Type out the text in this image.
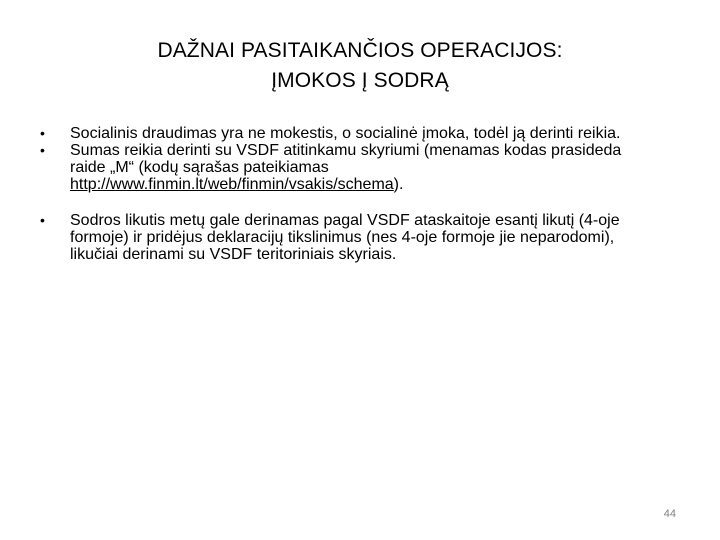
DAŽNAI PASITAIKANČIOS OPERACIJOS:
ĮMOKOS Į SODRĄ
• Socialinis draudimas yra ne mokestis, o socialinė įmoka, todėl ją derinti reikia.
• Sumas reikia derinti su VSDF atitinkamu skyriumi (menamas kodas prasideda raide „M“ (kodų sąrašas pateikiamas http://www.finmin.lt/web/finmin/vsakis/schema).
• Sodros likutis metų gale derinamas pagal VSDF ataskaitoje esantį likutį (4-oje formoje) ir pridėjus deklaracijų tikslinimus (nes 4-oje formoje jie neparodomi), likučiai derinami su VSDF teritoriniais skyriais.
44
